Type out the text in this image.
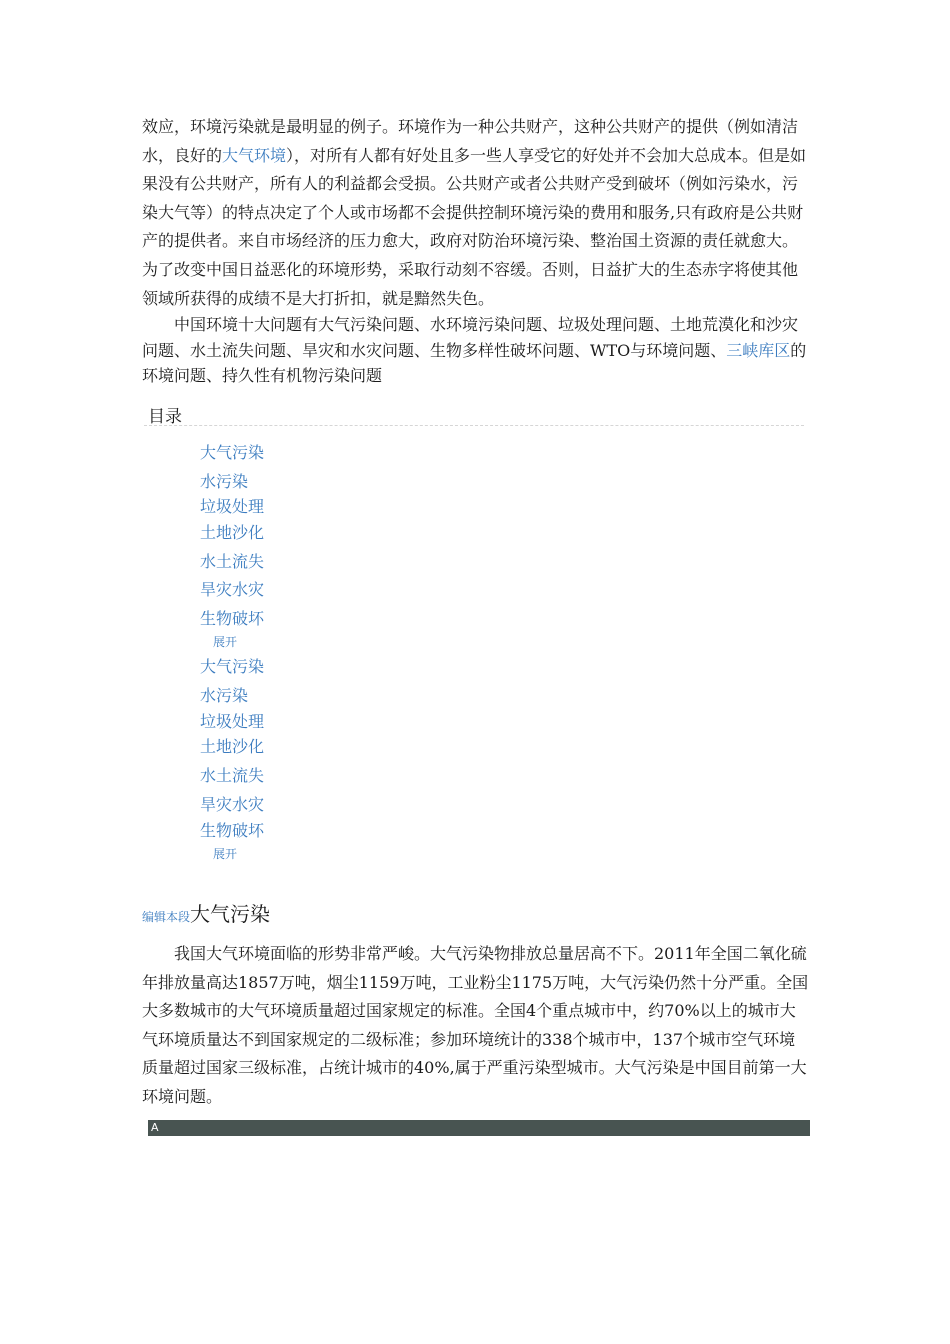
效应，环境污染就是最明显的例子。环境作为一种公共财产，这种公共财产的提供（例如清洁水，良好的大气环境），对所有人都有好处且多一些人享受它的好处并不会加大总成本。但是如果没有公共财产，所有人的利益都会受损。公共财产或者公共财产受到破坏（例如污染水，污染大气等）的特点决定了个人或市场都不会提供控制环境污染的费用和服务,只有政府是公共财产的提供者。来自市场经济的压力愈大，政府对防治环境污染、整治国土资源的责任就愈大。为了改变中国日益恶化的环境形势，采取行动刻不容缓。否则，日益扩大的生态赤字将使其他领域所获得的成绩不是大打折扣，就是黯然失色。

中国环境十大问题有大气污染问题、水环境污染问题、垃圾处理问题、土地荒漠化和沙灾问题、水土流失问题、旱灾和水灾问题、生物多样性破坏问题、WTO与环境问题、三峡库区的环境问题、持久性有机物污染问题

目录
大气污染
水污染
垃圾处理
土地沙化
水土流失
旱灾水灾
生物破坏
展开
大气污染
水污染
垃圾处理
土地沙化
水土流失
旱灾水灾
生物破坏
展开
编辑本段大气污染

我国大气环境面临的形势非常严峻。大气污染物排放总量居高不下。2011年全国二氧化硫年排放量高达1857万吨，烟尘1159万吨，工业粉尘1175万吨，大气污染仍然十分严重。全国大多数城市的大气环境质量超过国家规定的标准。全国4个重点城市中，约70%以上的城市大气环境质量达不到国家规定的二级标准；参加环境统计的338个城市中，137个城市空气环境质量超过国家三级标准，占统计城市的40%,属于严重污染型城市。大气污染是中国目前第一大环境问题。

A
